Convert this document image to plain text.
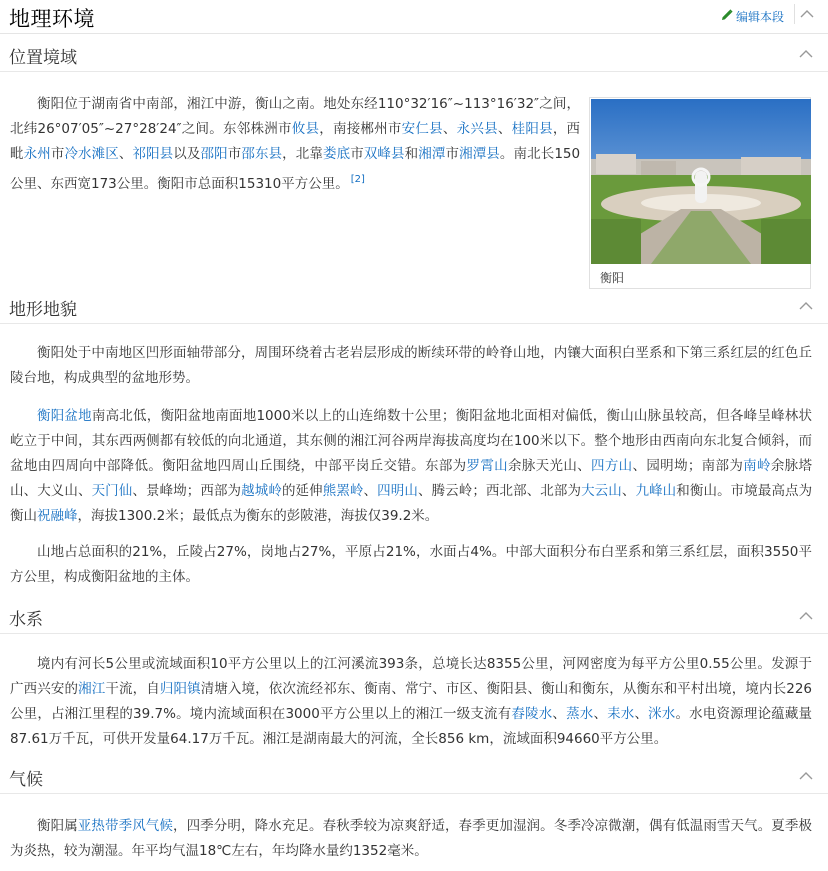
地理环境	编辑本段
位置境域
衡阳位于湖南省中南部，湘江中游，衡山之南。地处东经110°32′16″~113°16′32″之间，北纬26°07′05″~27°28′24″之间。东邻株洲市攸县，南接郴州市安仁县、永兴县、桂阳县，西毗永州市冷水滩区、祁阳县以及邵阳市邵东县，北靠娄底市双峰县和湘潭市湘潭县。南北长150公里、东西宽173公里。衡阳市总面积15310平方公里。 [2]
衡阳
地形地貌
衡阳处于中南地区凹形面轴带部分，周围环绕着古老岩层形成的断续环带的岭脊山地，内镶大面积白垩系和下第三系红层的红色丘陵台地，构成典型的盆地形势。
衡阳盆地南高北低，衡阳盆地南面地1000米以上的山连绵数十公里；衡阳盆地北面相对偏低，衡山山脉虽较高，但各峰呈峰林状屹立于中间，其东西两侧都有较低的向北通道，其东侧的湘江河谷两岸海拔高度均在100米以下。整个地形由西南向东北复合倾斜，而盆地由四周向中部降低。衡阳盆地四周山丘围绕，中部平岗丘交错。东部为罗霄山余脉天光山、四方山、园明坳；南部为南岭余脉塔山、大义山、天门仙、景峰坳；西部为越城岭的延伸熊罴岭、四明山、腾云岭；西北部、北部为大云山、九峰山和衡山。市境最高点为衡山祝融峰，海拔1300.2米；最低点为衡东的彭陂港，海拔仅39.2米。
山地占总面积的21%，丘陵占27%，岗地占27%，平原占21%，水面占4%。中部大面积分布白垩系和第三系红层，面积3550平方公里，构成衡阳盆地的主体。
水系
境内有河长5公里或流域面积10平方公里以上的江河溪流393条，总境长达8355公里，河网密度为每平方公里0.55公里。发源于广西兴安的湘江干流，自归阳镇清塘入境，依次流经祁东、衡南、常宁、市区、衡阳县、衡山和衡东，从衡东和平村出境，境内长226公里，占湘江里程的39.7%。境内流域面积在3000平方公里以上的湘江一级支流有舂陵水、蒸水、耒水、洣水。水电资源理论蕴藏量87.61万千瓦，可供开发量64.17万千瓦。湘江是湖南最大的河流，全长856 km，流域面积94660平方公里。
气候
衡阳属亚热带季风气候，四季分明，降水充足。春秋季较为凉爽舒适，春季更加湿润。冬季冷凉微潮，偶有低温雨雪天气。夏季极为炎热，较为潮湿。年平均气温18℃左右，年均降水量约1352毫米。
